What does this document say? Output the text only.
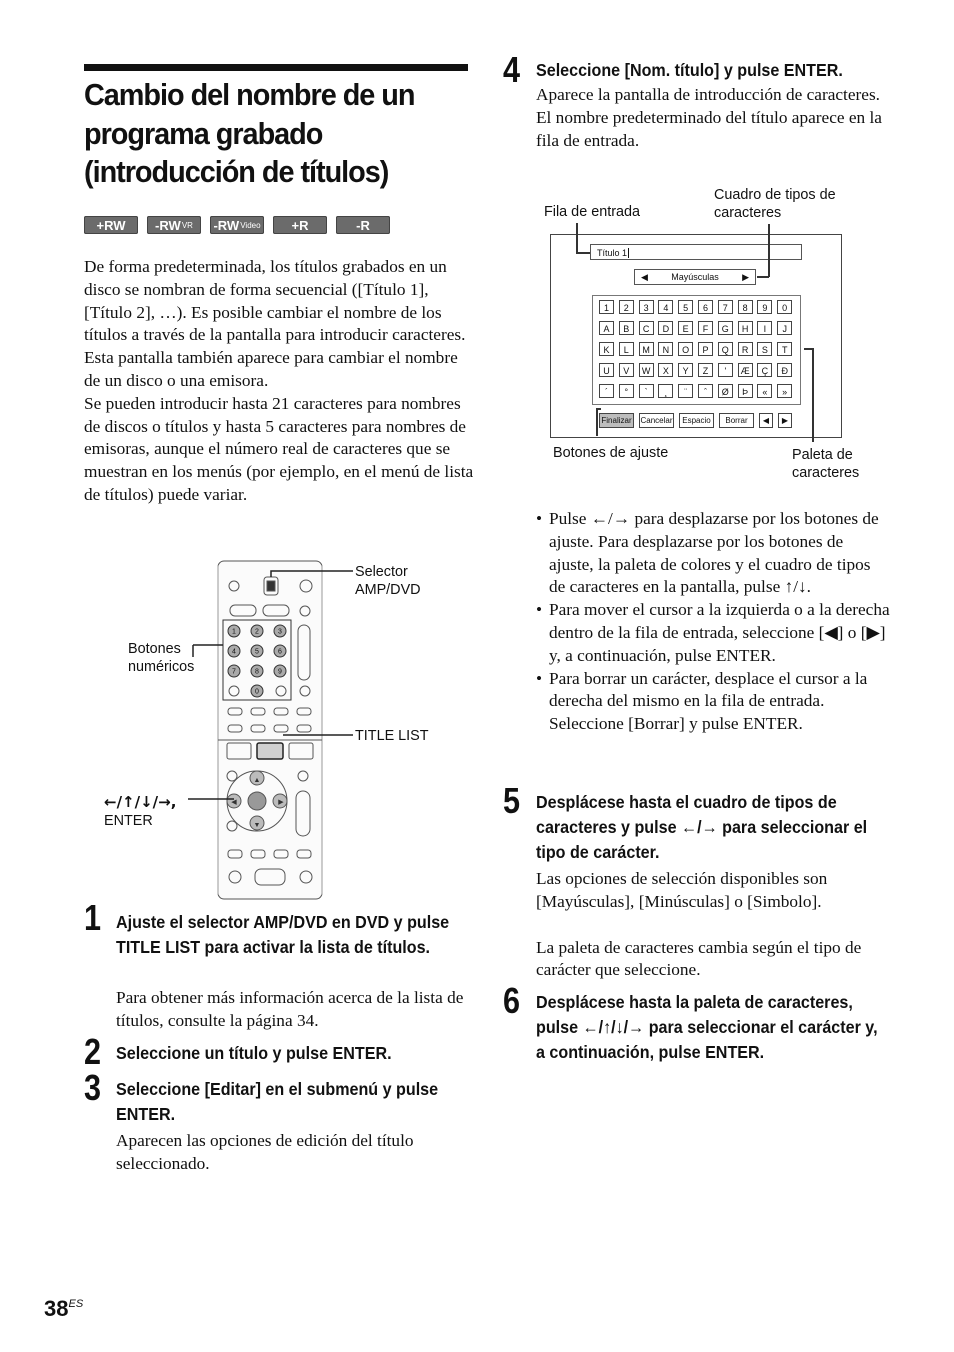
Cambio del nombre de un
programa grabado
(introducción de títulos)
+RW -RW VR -RW Video +R	-R

De forma predeterminada, los títulos grabados en un disco se nombran de forma secuencial ([Título 1], [Título 2], …). Es posible cambiar el nombre de los títulos a través de la pantalla para introducir caracteres. Esta pantalla también aparece para cambiar el nombre de un disco o una emisora.

Se pueden introducir hasta 21 caracteres para nombres de discos o títulos y hasta 5 caracteres para nombres de emisoras, aunque el número real de caracteres que se muestran en los menús (por ejemplo, en el menú de lista de títulos) puede variar.

1	2	3
4	5	6
7	8	9
0
▲
▼
◀	▶
Selector
AMP/DVD
Botones
numéricos
TITLE LIST
←/↑/↓/→,
ENTER
1 Ajuste el selector AMP/DVD en DVD y pulse TITLE LIST para activar la lista de títulos.

Para obtener más información acerca de la lista de títulos, consulte la página 34.

2 Seleccione un título y pulse ENTER.
3 Seleccione [Editar] en el submenú y pulse ENTER.

Aparecen las opciones de edición del título seleccionado.

4 Seleccione [Nom. título] y pulse ENTER.

Aparece la pantalla de introducción de caracteres.

El nombre predeterminado del título aparece en la fila de entrada.

Fila de entrada
Cuadro de tipos de
caracteres
Botones de ajuste	Paleta de
caracteres
Título 1
◀	Mayúsculas	▶
1	2	3	4	5	6	7	8	9	0
A	B	C	D	E	F	G	H	I	J
K	L	M	N	O	P	Q	R	S	T
U	V	W	X	Y	Z	'	Æ	Ç	Ð
´	°	`	¸	¨	ˆ	Ø	Þ	«	»
Finalizar Cancelar	Espacio	Borrar	◀	▶
• Pulse ←/→ para desplazarse por los botones de ajuste. Para desplazarse por los botones de ajuste, la paleta de colores y el cuadro de tipos de caracteres en la pantalla, pulse ↑/↓.
• Para mover el cursor a la izquierda o a la derecha dentro de la fila de entrada, seleccione [◀] o [▶] y, a continuación, pulse ENTER.
• Para borrar un carácter, desplace el cursor a la derecha del mismo en la fila de entrada. Seleccione [Borrar] y pulse ENTER.
5 Desplácese hasta el cuadro de tipos de caracteres y pulse ←/→ para seleccionar el tipo de carácter.

Las opciones de selección disponibles son [Mayúsculas], [Minúsculas] o [Simbolo].

La paleta de caracteres cambia según el tipo de carácter que seleccione.

6 Desplácese hasta la paleta de caracteres, pulse ←/↑/↓/→ para seleccionar el carácter y, a continuación, pulse ENTER.
$38^{ES}$
